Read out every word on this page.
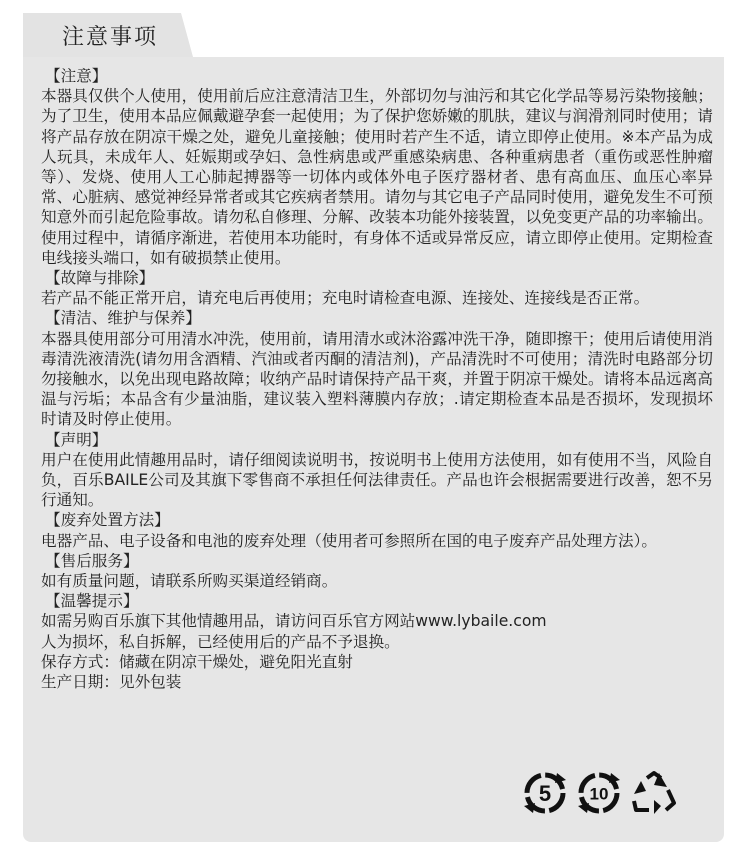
注意事项

【注意】

本器具仅供个人使用，使用前后应注意清洁卫生，外部切勿与油污和其它化学品等易污染物接触；为了卫生，使用本品应佩戴避孕套一起使用；为了保护您娇嫩的肌肤，建议与润滑剂同时使用；请将产品存放在阴凉干燥之处，避免儿童接触；使用时若产生不适，请立即停止使用。※本产品为成人玩具，未成年人、妊娠期或孕妇、急性病患或严重感染病患、各种重病患者（重伤或恶性肿瘤等）、发烧、使用人工心肺起搏器等一切体内或体外电子医疗器材者、患有高血压、血压心率异常、心脏病、感觉神经异常者或其它疾病者禁用。请勿与其它电子产品同时使用，避免发生不可预知意外而引起危险事故。请勿私自修理、分解、改装本功能外接装置，以免变更产品的功率输出。使用过程中，请循序渐进，若使用本功能时，有身体不适或异常反应，请立即停止使用。定期检查电线接头端口，如有破损禁止使用。

【故障与排除】

若产品不能正常开启，请充电后再使用；充电时请检查电源、连接处、连接线是否正常。

【清洁、维护与保养】

本器具使用部分可用清水冲洗，使用前，请用清水或沐浴露冲洗干净，随即擦干；使用后请使用消毒清洗液清洗(请勿用含酒精、汽油或者丙酮的清洁剂)，产品清洗时不可使用；清洗时电路部分切勿接触水，以免出现电路故障；收纳产品时请保持产品干爽，并置于阴凉干燥处。请将本品远离高温与污垢；本品含有少量油脂，建议装入塑料薄膜内存放；.请定期检查本品是否损坏，发现损坏时请及时停止使用。

【声明】

用户在使用此情趣用品时，请仔细阅读说明书，按说明书上使用方法使用，如有使用不当，风险自负，百乐BAILE公司及其旗下零售商不承担任何法律责任。产品也许会根据需要进行改善，恕不另行通知。

【废弃处置方法】

电器产品、电子设备和电池的废弃处理（使用者可参照所在国的电子废弃产品处理方法）。

【售后服务】

如有质量问题，请联系所购买渠道经销商。

【温馨提示】

如需另购百乐旗下其他情趣用品，请访问百乐官方网站www.lybaile.com

人为损坏，私自拆解，已经使用后的产品不予退换。

保存方式：储藏在阴凉干燥处，避免阳光直射

生产日期：见外包装

5 10
